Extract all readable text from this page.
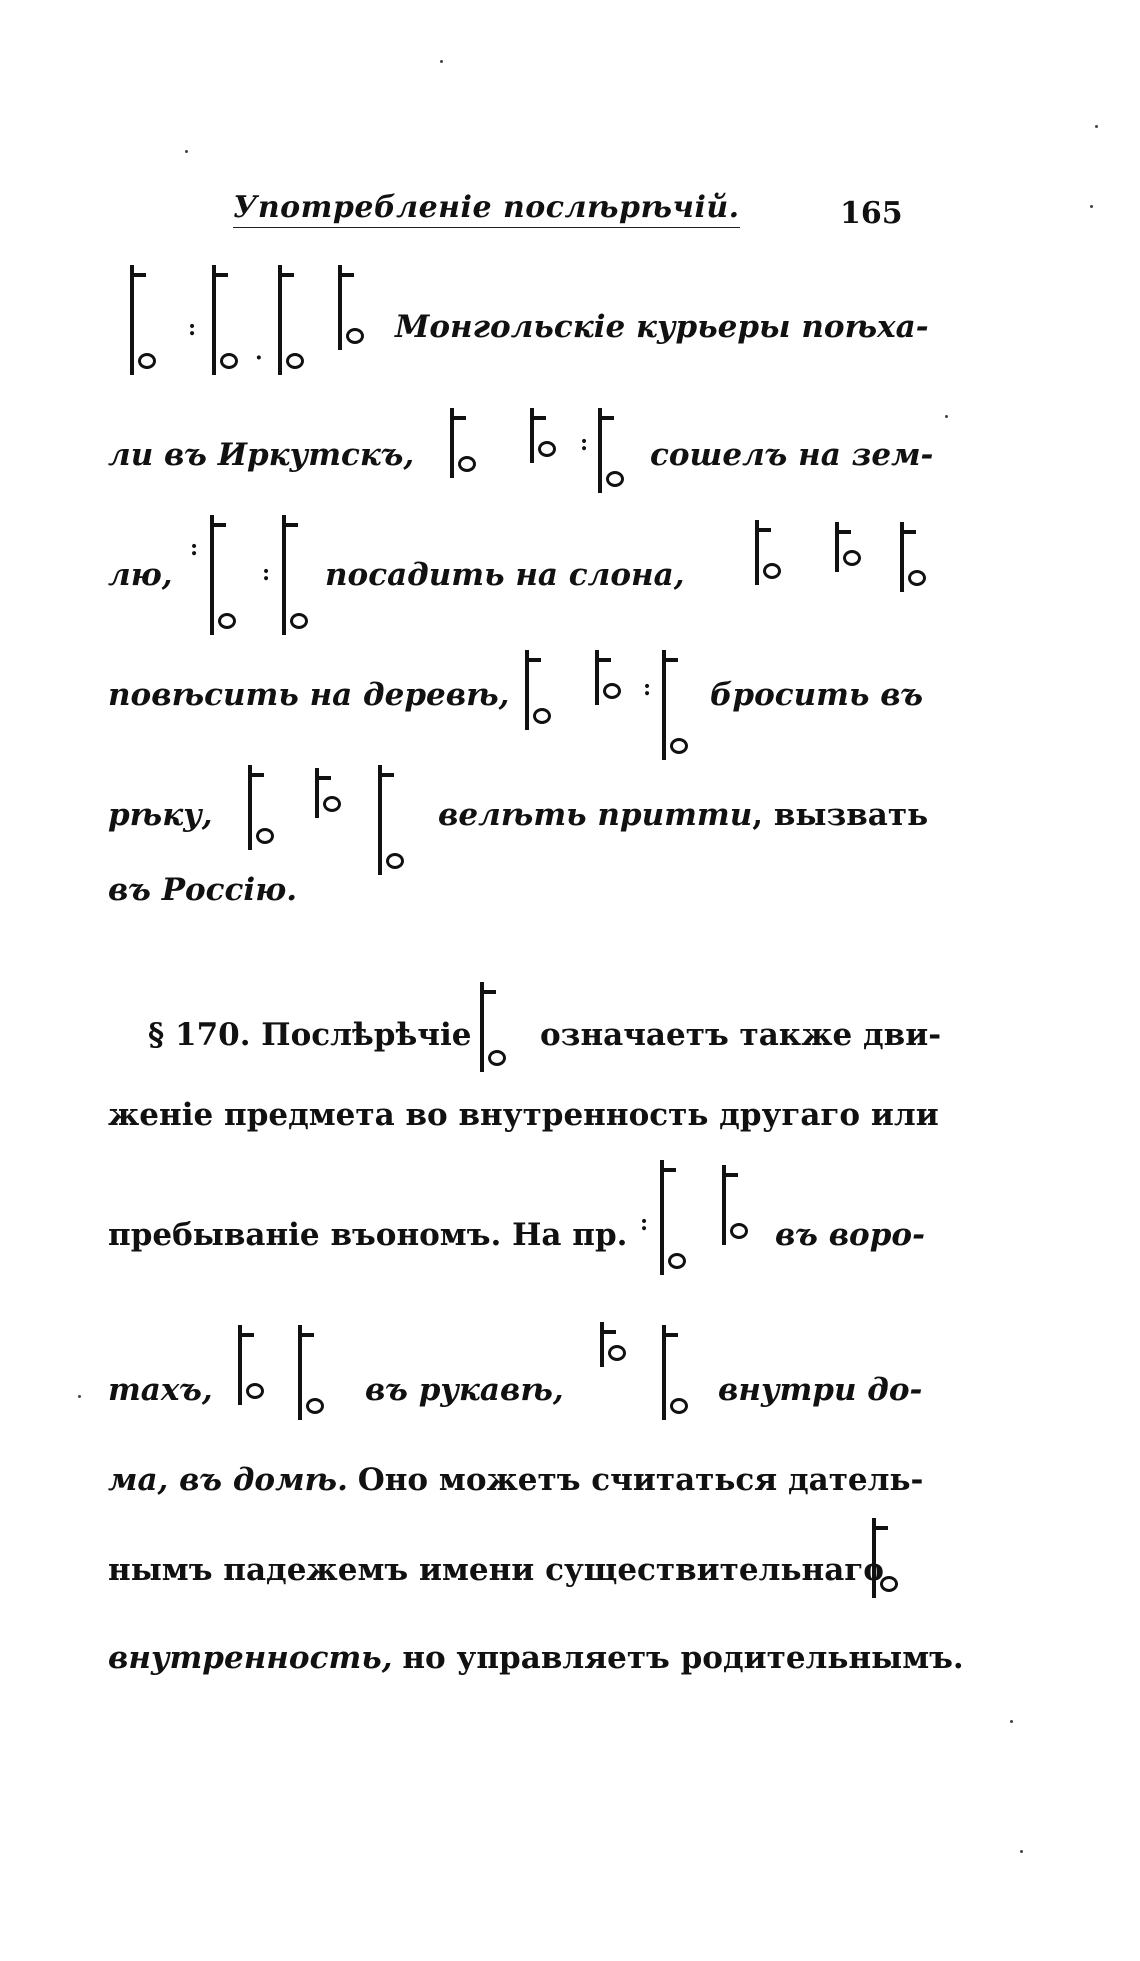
Употребленіе послѣрѣчій.	165
:
·
Монгольскіе курьеры поѣха-
ли въ Иркутскъ,	: сошелъ на зем-
лю,
:
: посадить на слона,
повѣсить на деревѣ,	: бросить въ
рѣку,	велѣть притти, вызвать
въ Россію.
§ 170. Послѣрѣчіе означаетъ также дви-
женіе предмета во внутренность другаго или
пребываніе въономъ. На пр. :	въ воро-
тахъ,	въ рукавѣ,	внутри до-
ма, въ домѣ. Оно можетъ считаться датель-
нымъ падежемъ имени существительнаго
внутренность, но управляетъ родительнымъ.
